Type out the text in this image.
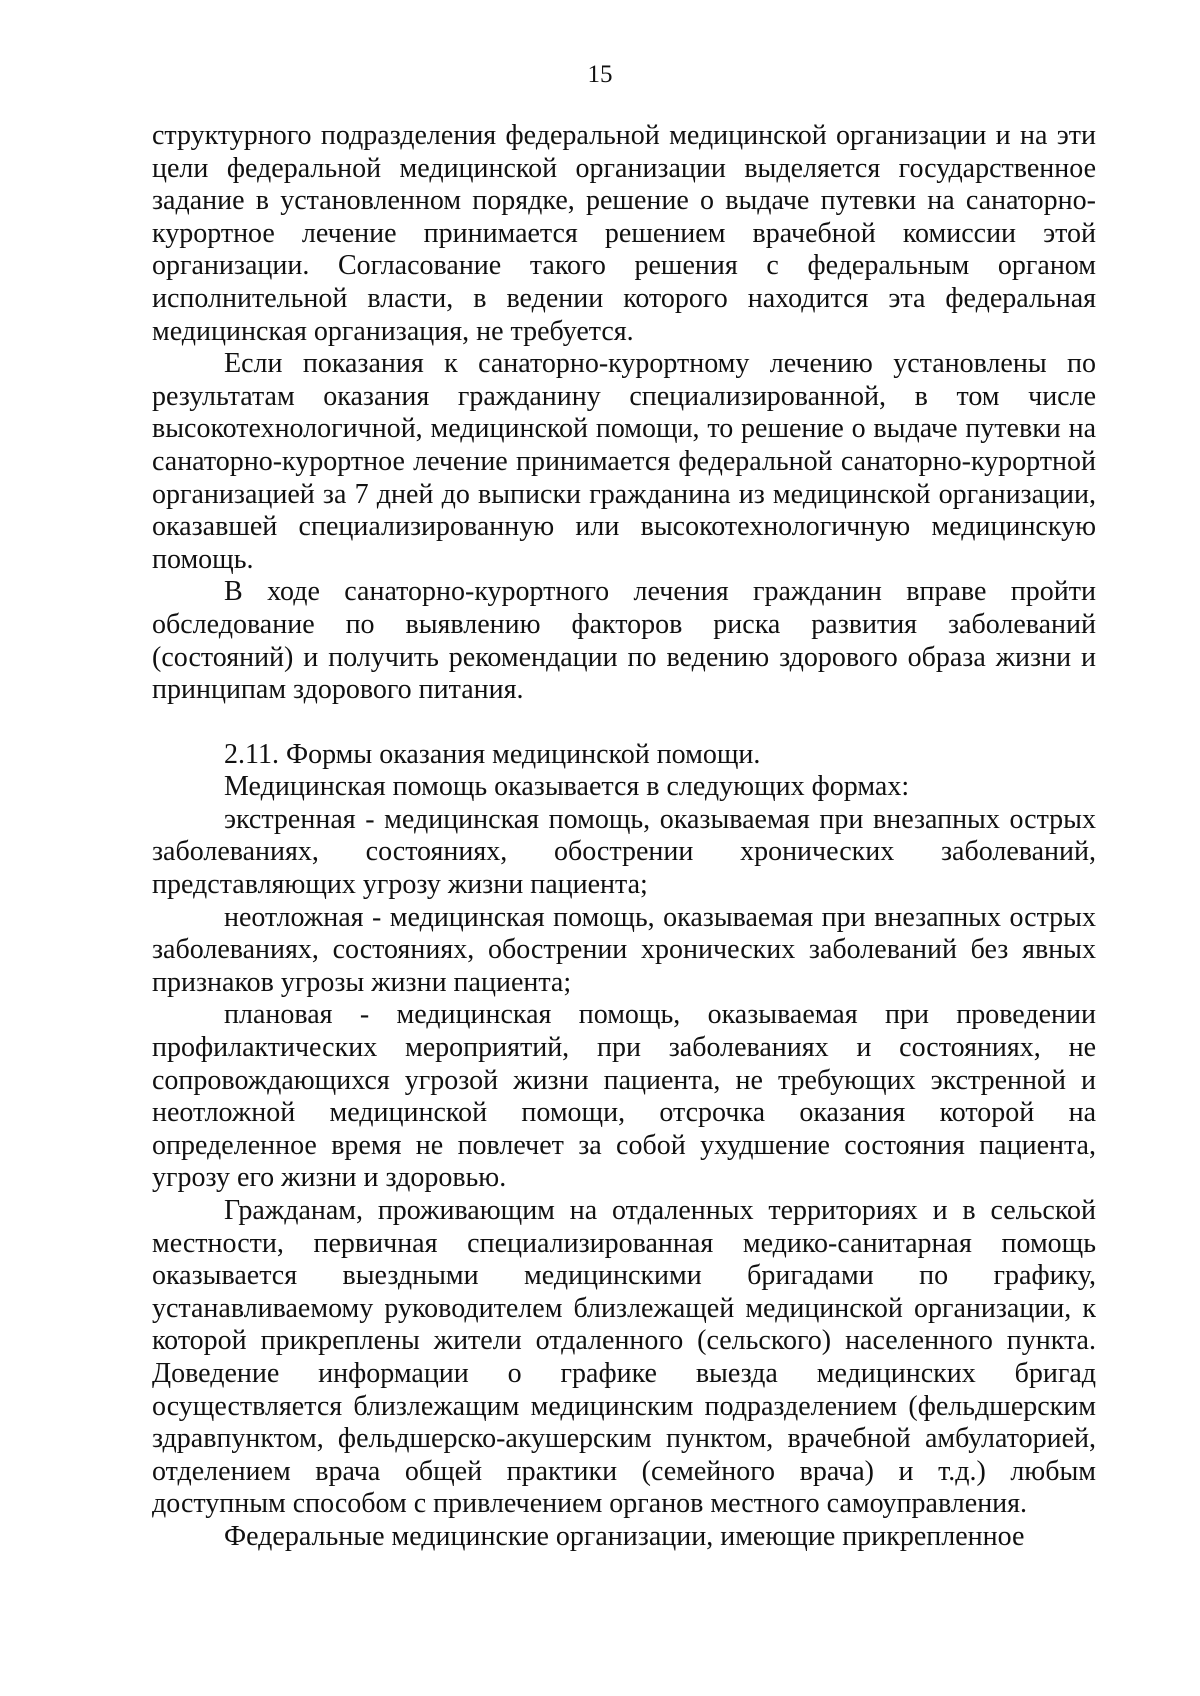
15

структурного подразделения федеральной медицинской организации и на эти цели федеральной медицинской организации выделяется государственное задание в установленном порядке, решение о выдаче путевки на санаторно-курортное лечение принимается решением врачебной комиссии этой организации. Согласование такого решения с федеральным органом исполнительной власти, в ведении которого находится эта федеральная медицинская организация, не требуется.

Если показания к санаторно-курортному лечению установлены по результатам оказания гражданину специализированной, в том числе высокотехнологичной, медицинской помощи, то решение о выдаче путевки на санаторно-курортное лечение принимается федеральной санаторно-курортной организацией за 7 дней до выписки гражданина из медицинской организации, оказавшей специализированную или высокотехнологичную медицинскую помощь.

В ходе санаторно-курортного лечения гражданин вправе пройти обследование по выявлению факторов риска развития заболеваний (состояний) и получить рекомендации по ведению здорового образа жизни и принципам здорового питания.

2.11. Формы оказания медицинской помощи.

Медицинская помощь оказывается в следующих формах:

экстренная - медицинская помощь, оказываемая при внезапных острых заболеваниях, состояниях, обострении хронических заболеваний, представляющих угрозу жизни пациента;

неотложная - медицинская помощь, оказываемая при внезапных острых заболеваниях, состояниях, обострении хронических заболеваний без явных признаков угрозы жизни пациента;

плановая - медицинская помощь, оказываемая при проведении профилактических мероприятий, при заболеваниях и состояниях, не сопровождающихся угрозой жизни пациента, не требующих экстренной и неотложной медицинской помощи, отсрочка оказания которой на определенное время не повлечет за собой ухудшение состояния пациента, угрозу его жизни и здоровью.

Гражданам, проживающим на отдаленных территориях и в сельской местности, первичная специализированная медико-санитарная помощь оказывается выездными медицинскими бригадами по графику, устанавливаемому руководителем близлежащей медицинской организации, к которой прикреплены жители отдаленного (сельского) населенного пункта. Доведение информации о графике выезда медицинских бригад осуществляется близлежащим медицинским подразделением (фельдшерским здравпунктом, фельдшерско-акушерским пунктом, врачебной амбулаторией, отделением врача общей практики (семейного врача) и т.д.) любым доступным способом с привлечением органов местного самоуправления.

Федеральные медицинские организации, имеющие прикрепленное
